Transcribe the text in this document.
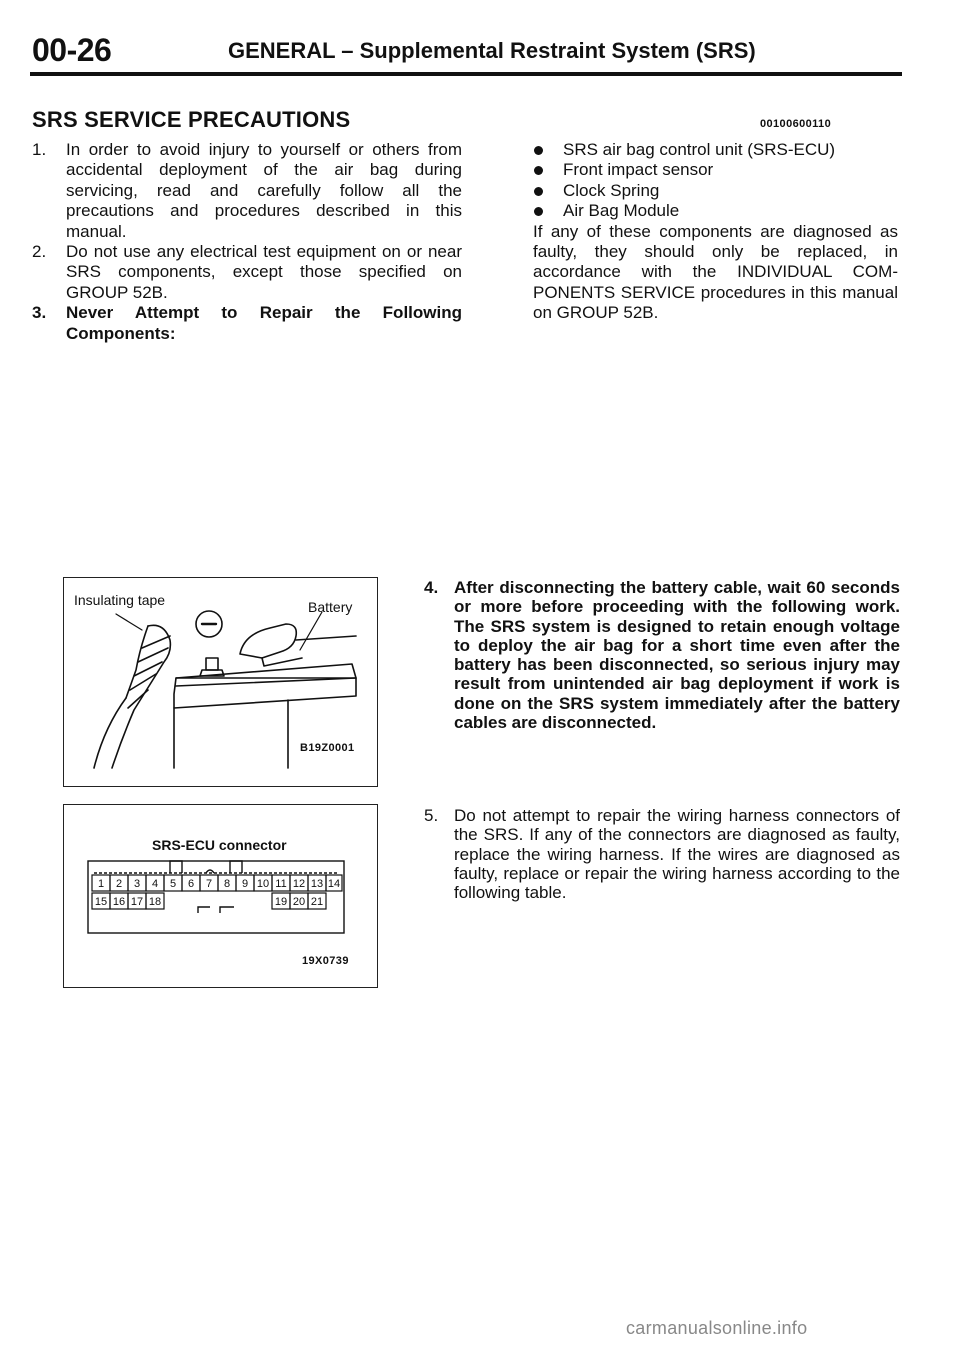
00-26	GENERAL – Supplemental Restraint System (SRS)
SRS SERVICE PRECAUTIONS	00100600110
1. In order to avoid injury to yourself or others from accidental deployment of the air bag during servicing, read and carefully follow all the precautions and procedures described in this manual.
2. Do not use any electrical test equipment on or near SRS components, except those specified on GROUP 52B.
3. Never Attempt to Repair the Following Components:
SRS air bag control unit (SRS-ECU)
Front impact sensor
Clock Spring
Air Bag Module
If any of these components are diagnosed as faulty, they should only be replaced, in accordance with the INDIVIDUAL COMPONENTS SERVICE procedures in this manual on GROUP 52B.
Insulating tape	Battery
B19Z0001
SRS-ECU connector
1 2 3 4 5 6 7 8 9 10 11 12 13 14
15 16 17 18	19 20 21
19X0739
4. After disconnecting the battery cable, wait 60 seconds or more before proceeding with the following work. The SRS system is designed to retain enough voltage to deploy the air bag for a short time even after the battery has been disconnected, so serious injury may result from unintended air bag deployment if work is done on the SRS system immediately after the battery cables are disconnected.
5. Do not attempt to repair the wiring harness connectors of the SRS. If any of the connectors are diagnosed as faulty, replace the wiring harness. If the wires are diagnosed as faulty, replace or repair the wiring harness according to the following table.
carmanualsonline.info
